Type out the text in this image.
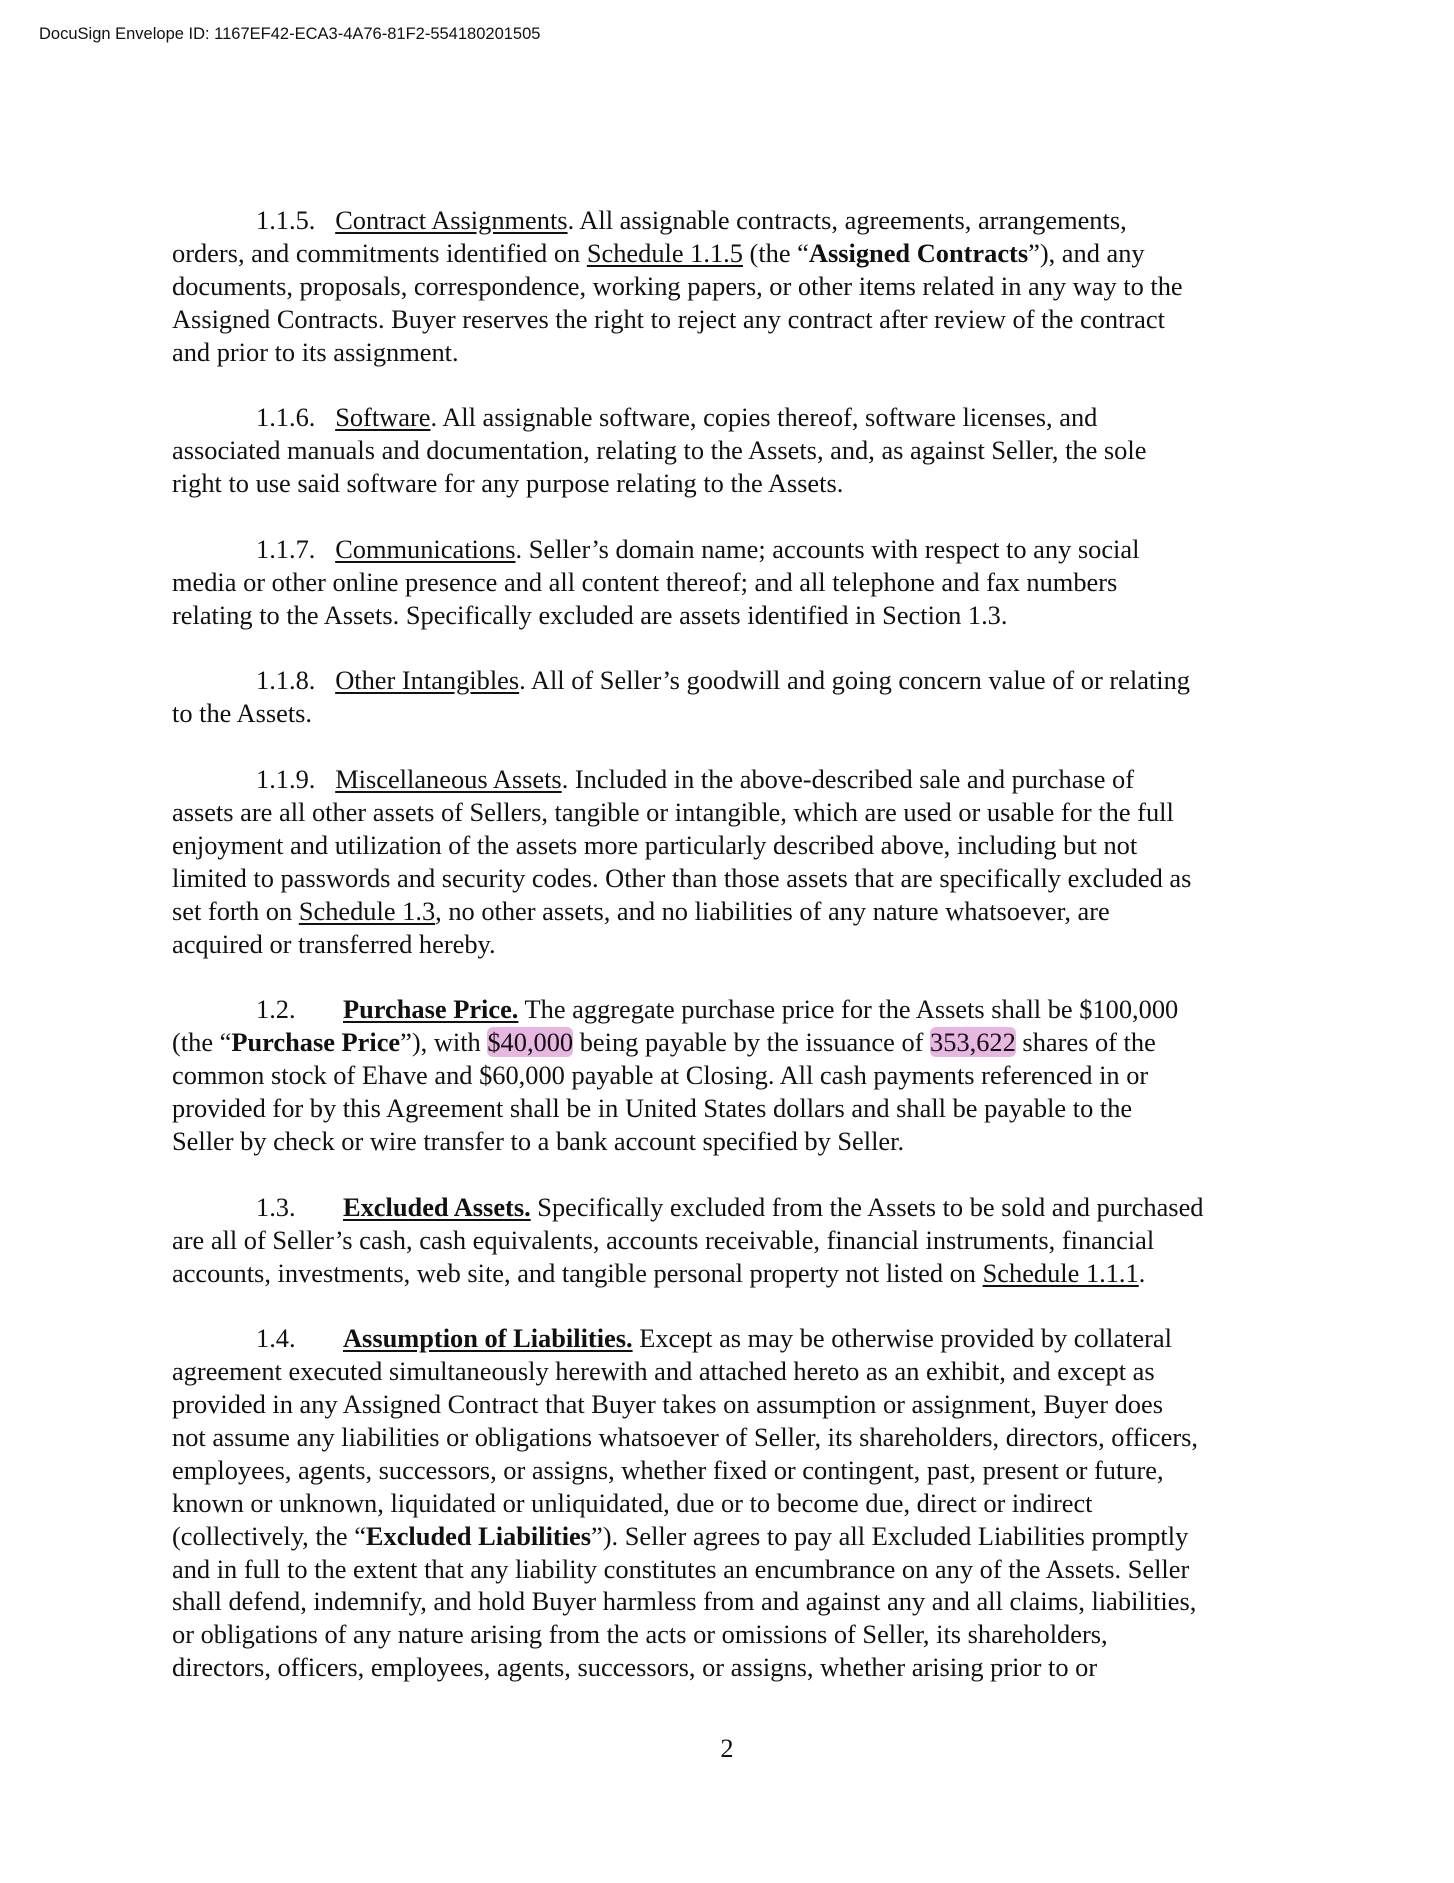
DocuSign Envelope ID: 1167EF42-ECA3-4A76-81F2-554180201505
1.1.5. Contract Assignments. All assignable contracts, agreements, arrangements,
orders, and commitments identified on Schedule 1.1.5 (the “Assigned Contracts”), and any
documents, proposals, correspondence, working papers, or other items related in any way to the
Assigned Contracts. Buyer reserves the right to reject any contract after review of the contract
and prior to its assignment.
1.1.6. Software. All assignable software, copies thereof, software licenses, and
associated manuals and documentation, relating to the Assets, and, as against Seller, the sole
right to use said software for any purpose relating to the Assets.
1.1.7. Communications. Seller’s domain name; accounts with respect to any social
media or other online presence and all content thereof; and all telephone and fax numbers
relating to the Assets. Specifically excluded are assets identified in Section 1.3.
1.1.8. Other Intangibles. All of Seller’s goodwill and going concern value of or relating
to the Assets.
1.1.9. Miscellaneous Assets. Included in the above-described sale and purchase of
assets are all other assets of Sellers, tangible or intangible, which are used or usable for the full
enjoyment and utilization of the assets more particularly described above, including but not
limited to passwords and security codes. Other than those assets that are specifically excluded as
set forth on Schedule 1.3, no other assets, and no liabilities of any nature whatsoever, are
acquired or transferred hereby.
1.2. Purchase Price. The aggregate purchase price for the Assets shall be $100,000
(the “Purchase Price”), with $40,000 being payable by the issuance of 353,622 shares of the
common stock of Ehave and $60,000 payable at Closing. All cash payments referenced in or
provided for by this Agreement shall be in United States dollars and shall be payable to the
Seller by check or wire transfer to a bank account specified by Seller.
1.3. Excluded Assets. Specifically excluded from the Assets to be sold and purchased
are all of Seller’s cash, cash equivalents, accounts receivable, financial instruments, financial
accounts, investments, web site, and tangible personal property not listed on Schedule 1.1.1.
1.4. Assumption of Liabilities. Except as may be otherwise provided by collateral
agreement executed simultaneously herewith and attached hereto as an exhibit, and except as
provided in any Assigned Contract that Buyer takes on assumption or assignment, Buyer does
not assume any liabilities or obligations whatsoever of Seller, its shareholders, directors, officers,
employees, agents, successors, or assigns, whether fixed or contingent, past, present or future,
known or unknown, liquidated or unliquidated, due or to become due, direct or indirect
(collectively, the “Excluded Liabilities”). Seller agrees to pay all Excluded Liabilities promptly
and in full to the extent that any liability constitutes an encumbrance on any of the Assets. Seller
shall defend, indemnify, and hold Buyer harmless from and against any and all claims, liabilities,
or obligations of any nature arising from the acts or omissions of Seller, its shareholders,
directors, officers, employees, agents, successors, or assigns, whether arising prior to or
2
